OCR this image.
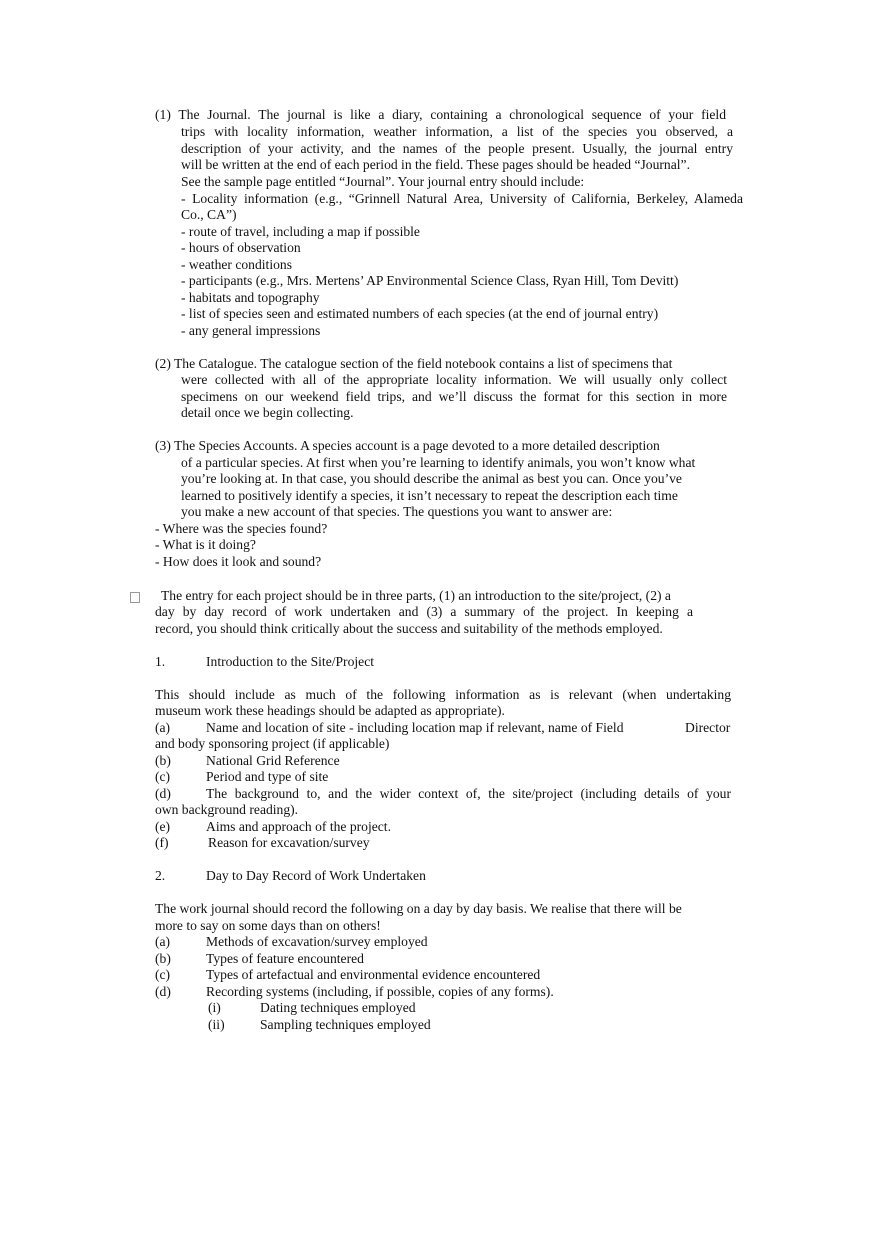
(1) The Journal. The journal is like a diary, containing a chronological sequence of your field
trips with locality information, weather information, a list of the species you observed, a
description of your activity, and the names of the people present. Usually, the journal entry
will be written at the end of each period in the field. These pages should be headed “Journal”.
See the sample page entitled “Journal”. Your journal entry should include:
- Locality information (e.g., “Grinnell Natural Area, University of California, Berkeley, Alameda
Co., CA”)
- route of travel, including a map if possible
- hours of observation
- weather conditions
- participants (e.g., Mrs. Mertens’ AP Environmental Science Class, Ryan Hill, Tom Devitt)
- habitats and topography
- list of species seen and estimated numbers of each species (at the end of journal entry)
- any general impressions
(2) The Catalogue. The catalogue section of the field notebook contains a list of specimens that
were collected with all of the appropriate locality information. We will usually only collect
specimens on our weekend field trips, and we’ll discuss the format for this section in more
detail once we begin collecting.
(3) The Species Accounts. A species account is a page devoted to a more detailed description
of a particular species. At first when you’re learning to identify animals, you won’t know what
you’re looking at. In that case, you should describe the animal as best you can. Once you’ve
learned to positively identify a species, it isn’t necessary to repeat the description each time
you make a new account of that species. The questions you want to answer are:
- Where was the species found?
- What is it doing?
- How does it look and sound?
The entry for each project should be in three parts, (1) an introduction to the site/project, (2) a
day by day record of work undertaken and (3) a summary of the project. In keeping a
record, you should think critically about the success and suitability of the methods employed.
1.	Introduction to the Site/Project
This should include as much of the following information as is relevant (when undertaking
museum work these headings should be adapted as appropriate).
(a)	Name and location of site - including location map if relevant, name of Field	Director
and body sponsoring project (if applicable)
(b)	National Grid Reference
(c)	Period and type of site
(d)	The background to, and the wider context of, the site/project (including details of your
own background reading).
(e)	Aims and approach of the project.
(f)	Reason for excavation/survey
2.	Day to Day Record of Work Undertaken
The work journal should record the following on a day by day basis. We realise that there will be
more to say on some days than on others!
(a)	Methods of excavation/survey employed
(b)	Types of feature encountered
(c)	Types of artefactual and environmental evidence encountered
(d)	Recording systems (including, if possible, copies of any forms).
(i)	Dating techniques employed
(ii)	Sampling techniques employed
